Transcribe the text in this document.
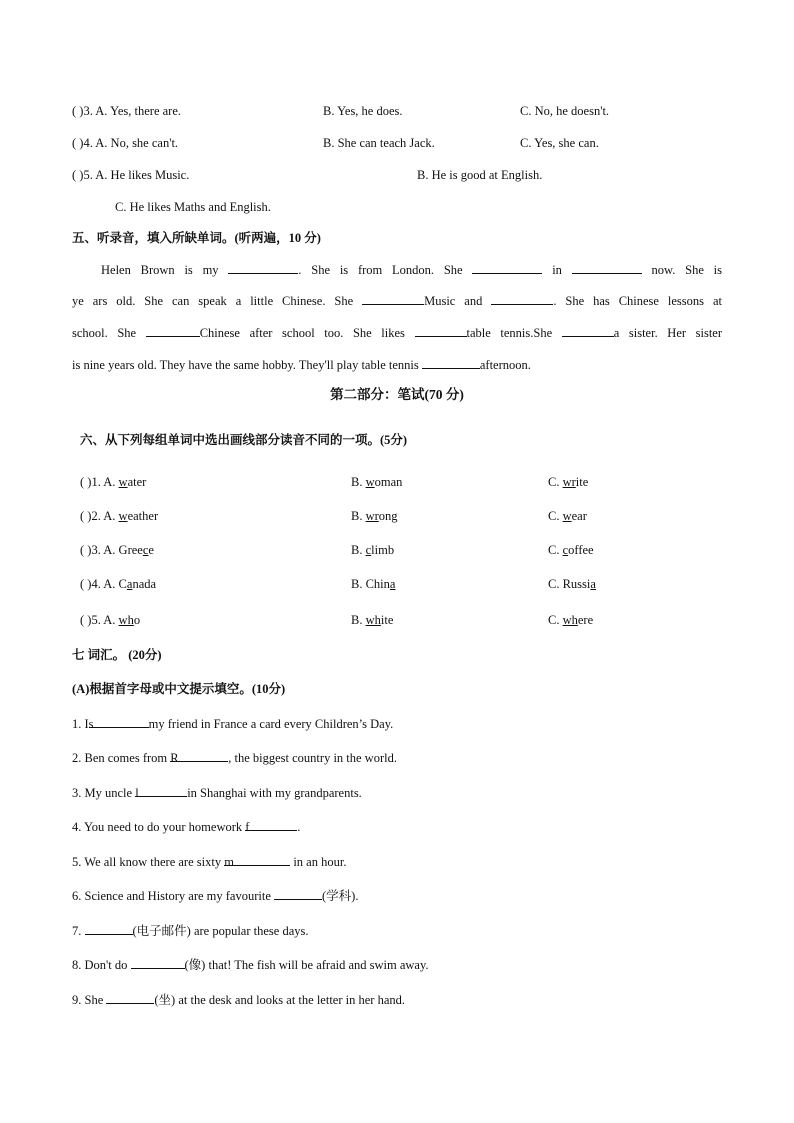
( )3. A. Yes, there are.	B. Yes, he does.	C. No, he doesn't.
( )4. A. No, she can't.	B. She can teach Jack.	C. Yes, she can.
( )5. A. He likes Music.	B. He is good at English.
C. He likes Maths and English.
五、听录音，填入所缺单词。(听两遍，10 分)
Helen Brown is my	. She is from London. She	in	now. She is
ye ars old. She can speak a little Chinese. She	Music and	. She has Chinese lessons at
school. She	Chinese after school too. She likes	table tennis.She	a sister. Her sister
is nine years old. They have the same hobby. They'll play table tennis	afternoon.
第二部分：笔试(70 分)
六、从下列每组单词中选出画线部分读音不同的一项。(5分)
( )1. A. water	B. woman	C. write
( )2. A. weather	B. wrong	C. wear
( )3. A. Greece	B. climb	C. coffee
( )4. A. Canada	B. China	C. Russia
( )5. A. who	B. white	C. where
七 词汇。 (20分)
(A)根据首字母或中文提示填空。(10分)
1. Is	my friend in France a card every Children’s Day.
2. Ben comes from R	, the biggest country in the world.
3. My uncle l	in Shanghai with my grandparents.
4. You need to do your homework f	.
5. We all know there are sixty m	in an hour.
6. Science and History are my favourite	(学科).
7.	(电子邮件) are popular these days.
8. Don't do	(像) that! The fish will be afraid and swim away.
9. She	(坐) at the desk and looks at the letter in her hand.
